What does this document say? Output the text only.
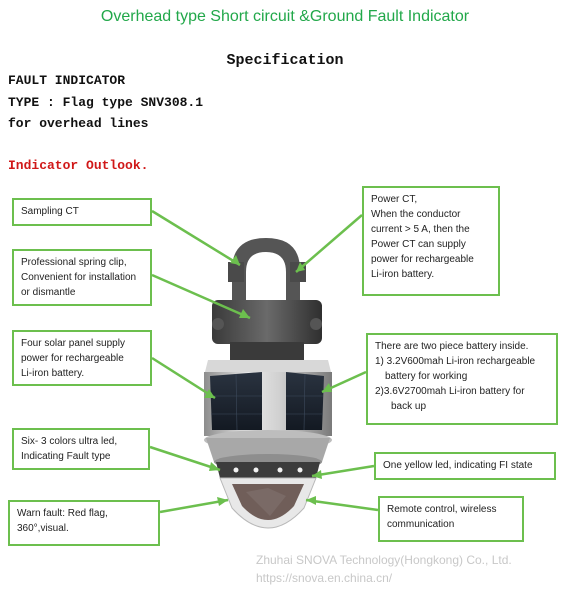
Overhead type Short circuit &Ground Fault Indicator
Specification
FAULT INDICATOR
TYPE : Flag type SNV308.1
for overhead lines
Indicator Outlook.
Sampling CT
Professional spring clip,
Convenient for installation
or dismantle
Four solar panel supply
power for rechargeable
Li-iron battery.
Six- 3 colors ultra led,
Indicating Fault type
Warn fault: Red flag,
360°,visual.
Power CT,
When the conductor
current > 5 A, then the
Power CT can supply
power for rechargeable
Li-iron battery.
There are two piece battery inside.
1) 3.2V600mah Li-iron rechargeable
battery for working
2)3.6V2700mah Li-iron battery for
back up
One yellow led, indicating FI state
Remote control, wireless
communication
Zhuhai SNOVA Technology(Hongkong) Co., Ltd.
https://snova.en.china.cn/
